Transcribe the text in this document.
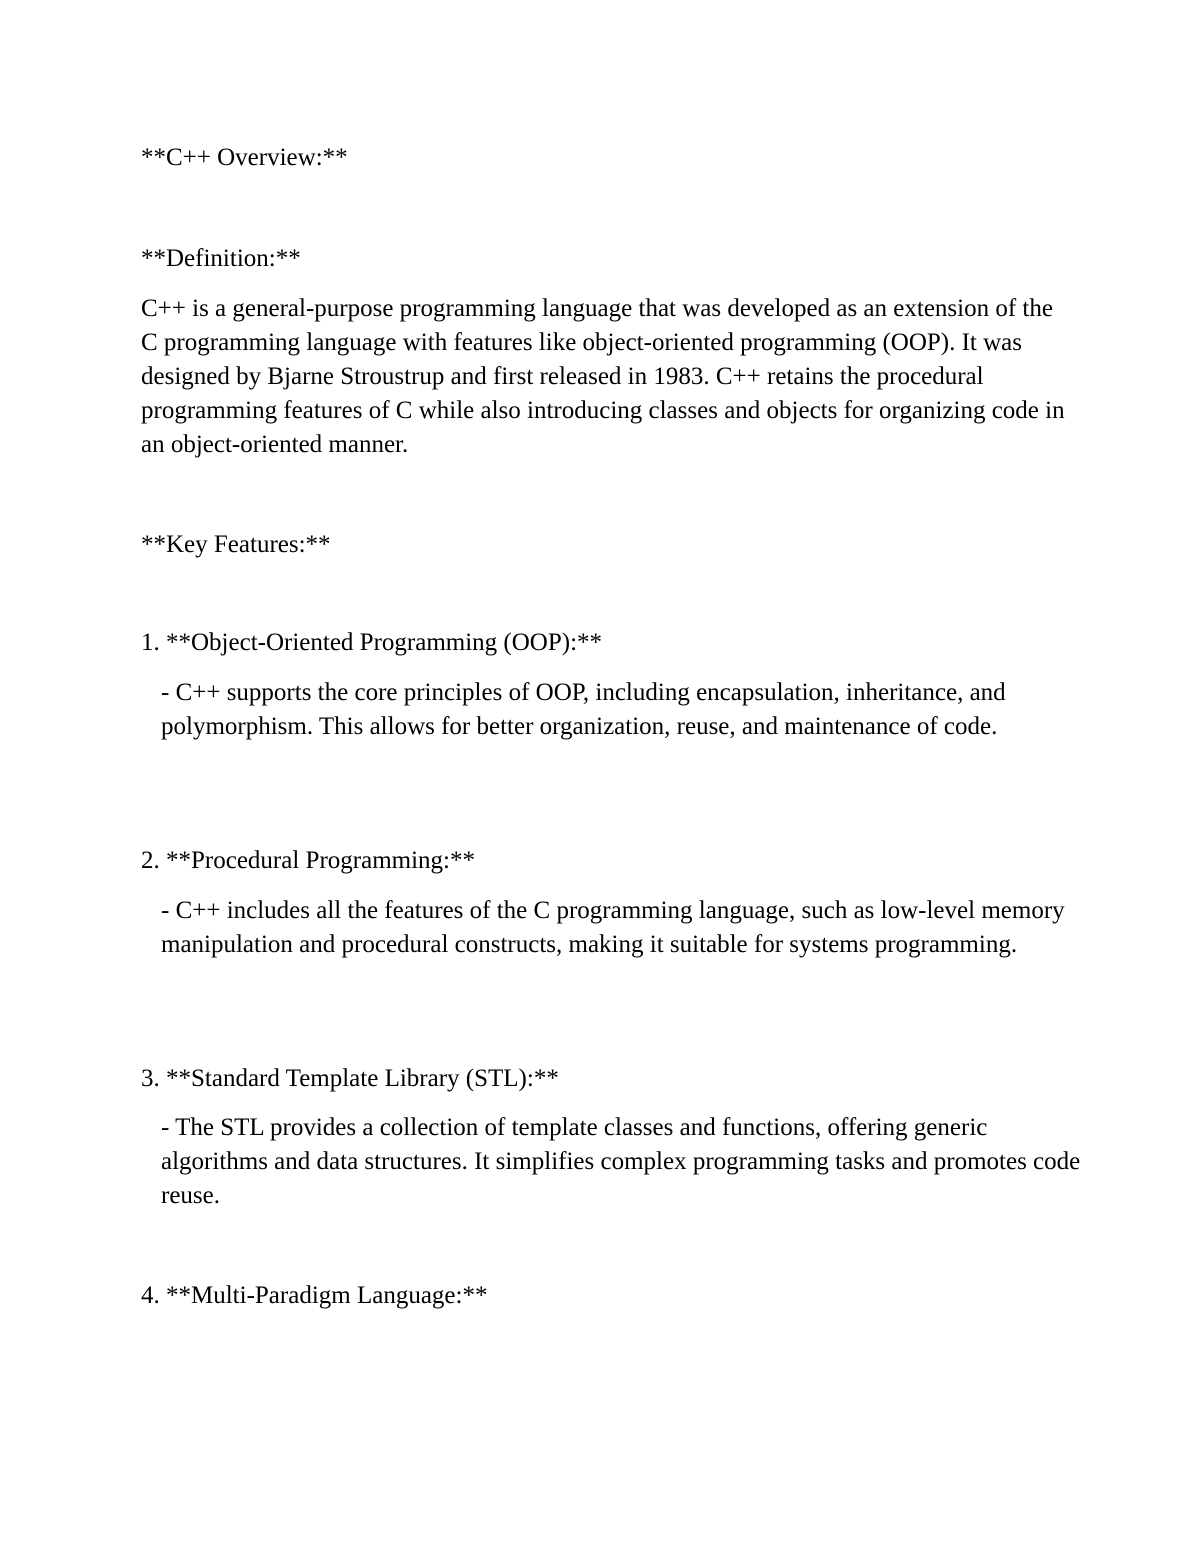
**C++ Overview:**
**Definition:**

C++ is a general-purpose programming language that was developed as an extension of the C programming language with features like object-oriented programming (OOP). It was designed by Bjarne Stroustrup and first released in 1983. C++ retains the procedural programming features of C while also introducing classes and objects for organizing code in an object-oriented manner.

**Key Features:**
1. **Object-Oriented Programming (OOP):**

- C++ supports the core principles of OOP, including encapsulation, inheritance, and polymorphism. This allows for better organization, reuse, and maintenance of code.

2. **Procedural Programming:**

- C++ includes all the features of the C programming language, such as low-level memory manipulation and procedural constructs, making it suitable for systems programming.

3. **Standard Template Library (STL):**

- The STL provides a collection of template classes and functions, offering generic algorithms and data structures. It simplifies complex programming tasks and promotes code reuse.

4. **Multi-Paradigm Language:**
